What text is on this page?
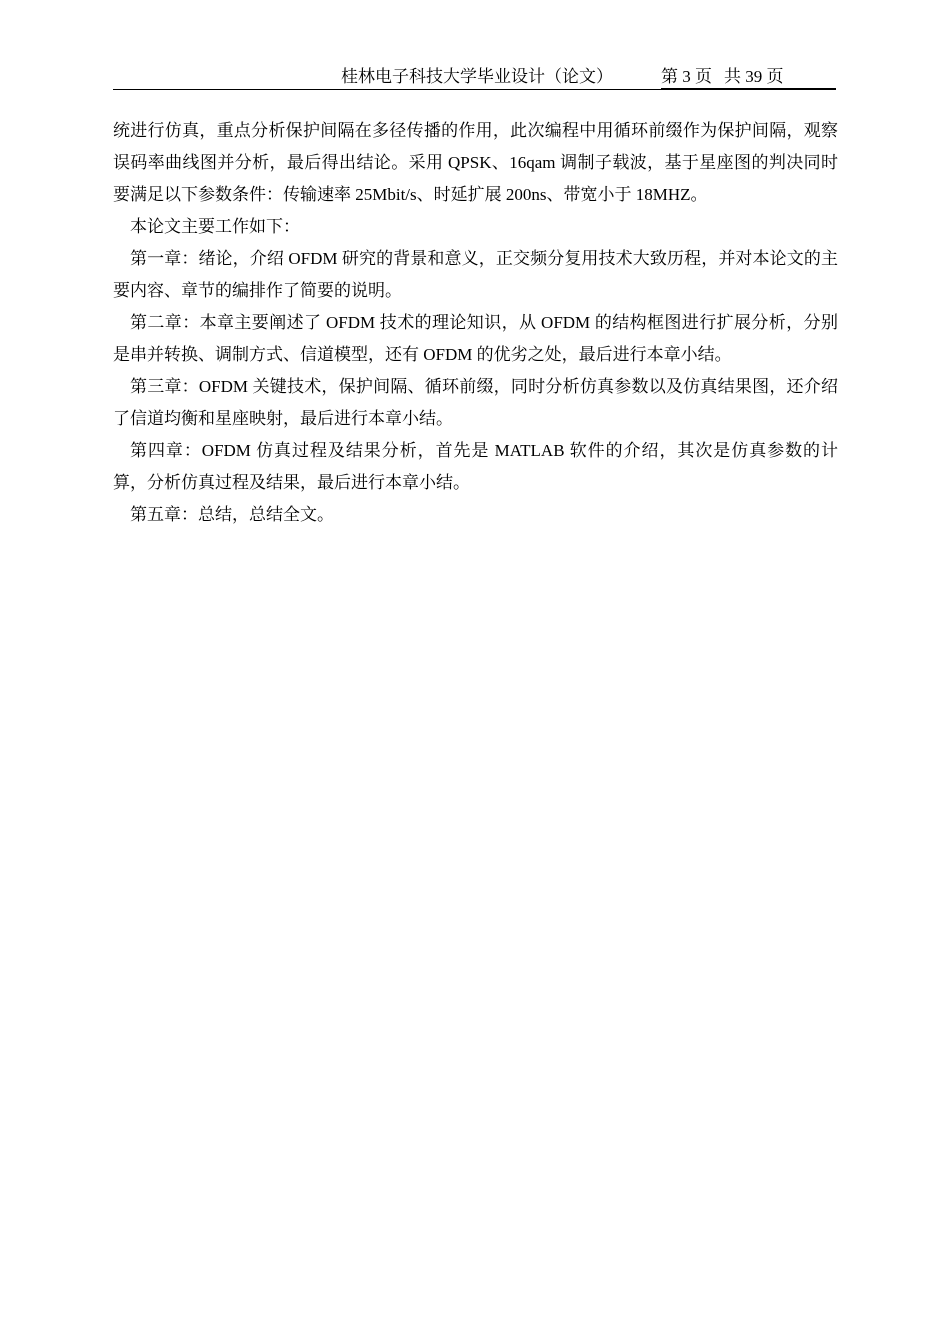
桂林电子科技大学毕业设计（论文）	第 3 页 共 39 页

统进行仿真，重点分析保护间隔在多径传播的作用，此次编程中用循环前缀作为保护间隔，观察误码率曲线图并分析，最后得出结论。采用 QPSK、16qam 调制子载波，基于星座图的判决同时要满足以下参数条件：传输速率 25Mbit/s、时延扩展 200ns、带宽小于 18MHZ。

本论文主要工作如下：

第一章：绪论，介绍 OFDM 研究的背景和意义，正交频分复用技术大致历程，并对本论文的主要内容、章节的编排作了简要的说明。

第二章：本章主要阐述了 OFDM 技术的理论知识，从 OFDM 的结构框图进行扩展分析，分别是串并转换、调制方式、信道模型，还有 OFDM 的优劣之处，最后进行本章小结。

第三章：OFDM 关键技术，保护间隔、循环前缀，同时分析仿真参数以及仿真结果图，还介绍了信道均衡和星座映射，最后进行本章小结。

第四章：OFDM 仿真过程及结果分析，首先是 MATLAB 软件的介绍，其次是仿真参数的计算，分析仿真过程及结果，最后进行本章小结。

第五章：总结，总结全文。
